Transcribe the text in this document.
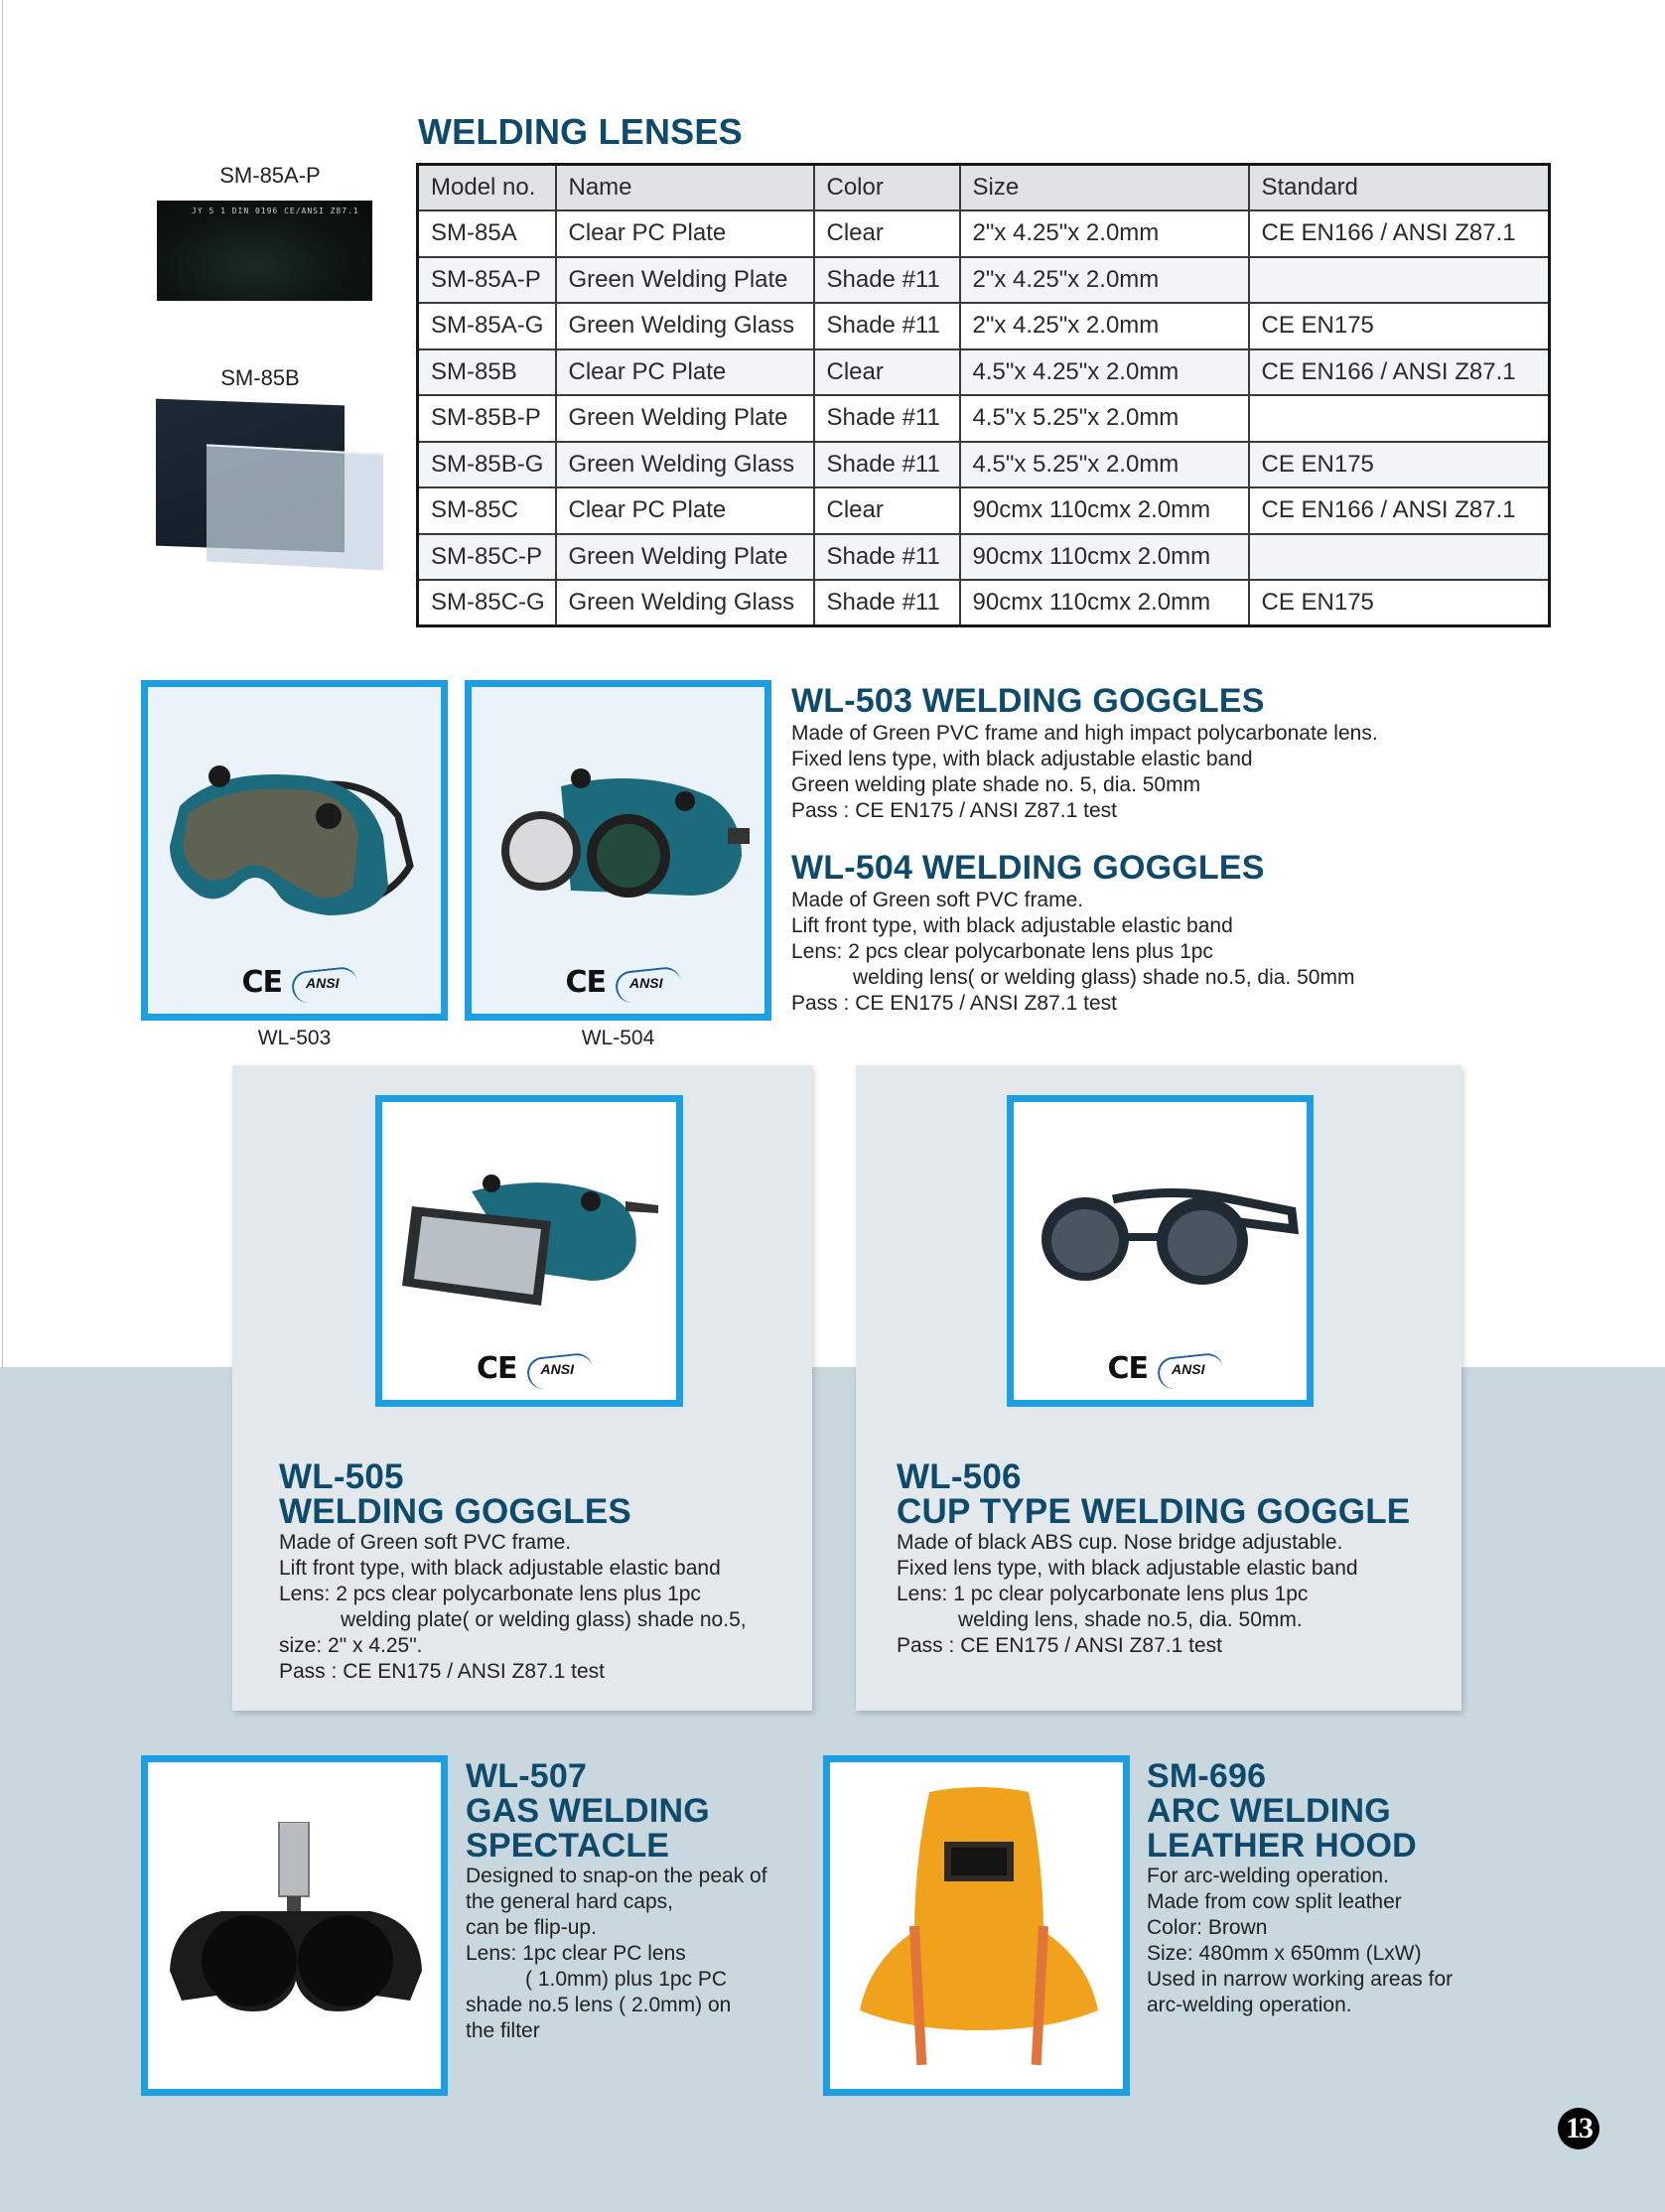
SM-85A-P
JY 5 1 DIN 0196 CE/ANSI Z87.1
SM-85B
WELDING LENSES
Model no.	Name	Color	Size	Standard
SM-85A	Clear PC Plate	Clear	2"x 4.25"x 2.0mm	CE EN166 / ANSI Z87.1
SM-85A-P	Green Welding Plate	Shade #11	2"x 4.25"x 2.0mm	
SM-85A-G	Green Welding Glass	Shade #11	2"x 4.25"x 2.0mm	CE EN175
SM-85B	Clear PC Plate	Clear	4.5"x 4.25"x 2.0mm	CE EN166 / ANSI Z87.1
SM-85B-P	Green Welding Plate	Shade #11	4.5"x 5.25"x 2.0mm	
SM-85B-G	Green Welding Glass	Shade #11	4.5"x 5.25"x 2.0mm	CE EN175
SM-85C	Clear PC Plate	Clear	90cmx 110cmx 2.0mm	CE EN166 / ANSI Z87.1
SM-85C-P	Green Welding Plate	Shade #11	90cmx 110cmx 2.0mm	
SM-85C-G	Green Welding Glass	Shade #11	90cmx 110cmx 2.0mm	CE EN175
CE	ANSI
WL-503
CE	ANSI
WL-504
WL-503 WELDING GOGGLES
Made of Green PVC frame and high impact polycarbonate lens.
Fixed lens type, with black adjustable elastic band
Green welding plate shade no. 5, dia. 50mm
Pass : CE EN175 / ANSI Z87.1 test
WL-504 WELDING GOGGLES
Made of Green soft PVC frame.
Lift front type, with black adjustable elastic band
Lens: 2 pcs clear polycarbonate lens plus 1pc
welding lens( or welding glass) shade no.5, dia. 50mm
Pass : CE EN175 / ANSI Z87.1 test
CE	ANSI
WL-505
WELDING GOGGLES
Made of Green soft PVC frame.
Lift front type, with black adjustable elastic band
Lens: 2 pcs clear polycarbonate lens plus 1pc
welding plate( or welding glass) shade no.5,
size: 2" x 4.25".
Pass : CE EN175 / ANSI Z87.1 test
CE	ANSI
WL-506
CUP TYPE WELDING GOGGLE
Made of black ABS cup. Nose bridge adjustable.
Fixed lens type, with black adjustable elastic band
Lens: 1 pc clear polycarbonate lens plus 1pc
welding lens, shade no.5, dia. 50mm.
Pass : CE EN175 / ANSI Z87.1 test
WL-507
GAS WELDING
SPECTACLE
Designed to snap-on the peak of
the general hard caps,
can be flip-up.
Lens: 1pc clear PC lens
( 1.0mm) plus 1pc PC
shade no.5 lens ( 2.0mm) on
the filter
SM-696
ARC WELDING
LEATHER HOOD
For arc-welding operation.
Made from cow split leather
Color: Brown
Size: 480mm x 650mm (LxW)
Used in narrow working areas for
arc-welding operation.
13
